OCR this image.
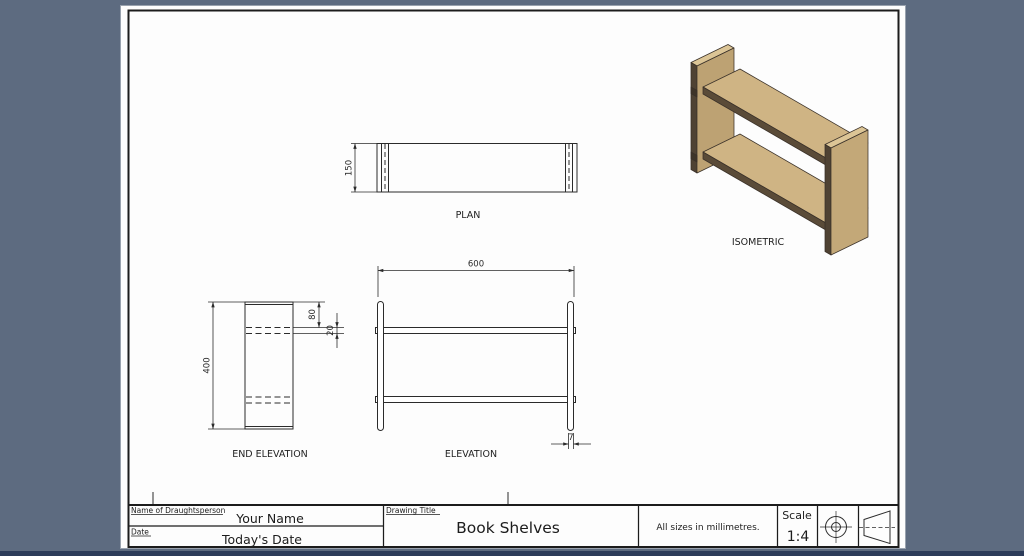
150
PLAN
400
80
20
END ELEVATION
600
7
ELEVATION
ISOMETRIC
Name of Draughtsperson
Your Name
Date	Today's Date
Drawing Title
Book Shelves	All sizes in millimetres.
Scale
1:4
